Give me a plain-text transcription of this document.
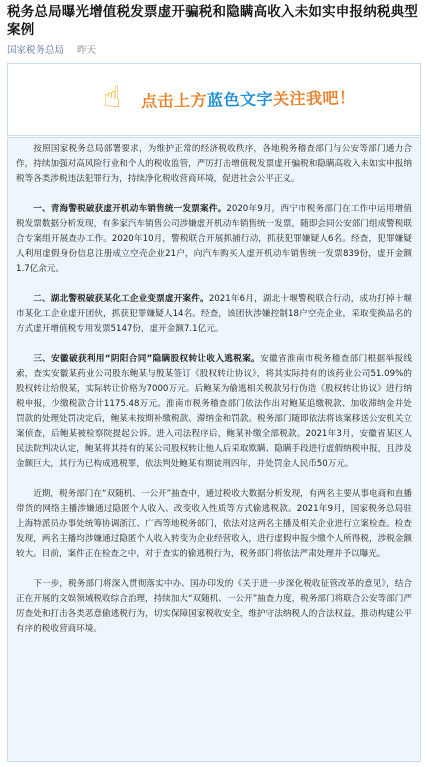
税务总局曝光增值税发票虚开骗税和隐瞒高收入未如实申报纳税典型案例
国家税务总局 昨天
☝ 点击上方蓝色文字关注我吧！

按照国家税务总局部署要求，为维护正常的经济税收秩序，各地税务稽查部门与公安等部门通力合作，持续加强对高风险行业和个人的税收监管，严厉打击增值税发票虚开骗税和隐瞒高收入未如实申报纳税等各类涉税违法犯罪行为，持续净化税收营商环境，促进社会公平正义。

一、青海警税破获虚开机动车销售统一发票案件。2020年9月，西宁市税务部门在工作中运用增值税发票数据分析发现，有多家汽车销售公司涉嫌虚开机动车销售统一发票，随即会同公安部门组成警税联合专案组开展查办工作。2020年10月，警税联合开展抓捕行动，抓获犯罪嫌疑人6名。经查，犯罪嫌疑人利用虚假身份信息注册成立空壳企业21户，向汽车购买人虚开机动车销售统一发票839份，虚开金额1.7亿余元。

二、湖北警税破获某化工企业变票虚开案件。2021年6月，湖北十堰警税联合行动，成功打掉十堰市某化工企业虚开团伙，抓获犯罪嫌疑人14名。经查，该团伙涉嫌控制18户空壳企业，采取变换品名的方式虚开增值税专用发票5147份，虚开金额7.1亿元。

三、安徽破获利用“阴阳合同”隐瞒股权转让收入逃税案。安徽省淮南市税务稽查部门根据举报线索，查实安徽某药业公司股东鲍某与殷某签订《股权转让协议》，将其实际持有的该药业公司51.09%的股权转让给殷某，实际转让价格为7000万元。后鲍某为偷逃相关税款另行伪造《股权转让协议》进行纳税申报，少缴税款合计1175.48万元。淮南市税务稽查部门依法作出对鲍某追缴税款、加收滞纳金并处罚款的处理处罚决定后，鲍某未按期补缴税款、滞纳金和罚款。税务部门随即依法将该案移送公安机关立案侦查，后鲍某被检察院提起公诉。进入司法程序后，鲍某补缴全部税款。2021年3月，安徽省某区人民法院判决认定，鲍某将其持有的某公司股权转让他人后采取欺瞒、隐瞒手段进行虚假纳税申报，且涉及金额巨大，其行为已构成逃税罪，依法判处鲍某有期徒刑四年，并处罚金人民币50万元。

近期，税务部门在“双随机、一公开”抽查中，通过税收大数据分析发现，有两名主要从事电商和直播带货的网络主播涉嫌通过隐匿个人收入、改变收入性质等方式偷逃税款。2021年9月，国家税务总局驻上海特派员办事处统筹协调浙江、广西等地税务部门，依法对这两名主播及相关企业进行立案检查。检查发现，两名主播均涉嫌通过隐匿个人收入转变为企业经营收入，进行虚假申报少缴个人所得税，涉税金额较大。目前，案件正在检查之中，对于查实的偷逃税行为，税务部门将依法严肃处理并予以曝光。

下一步，税务部门将深入贯彻落实中办、国办印发的《关于进一步深化税收征管改革的意见》，结合正在开展的文娱领域税收综合治理，持续加大“双随机、一公开”抽查力度，税务部门将联合公安等部门严厉查处和打击各类恶意偷逃税行为，切实保障国家税收安全，维护守法纳税人的合法权益，推动构建公平有序的税收营商环境。
